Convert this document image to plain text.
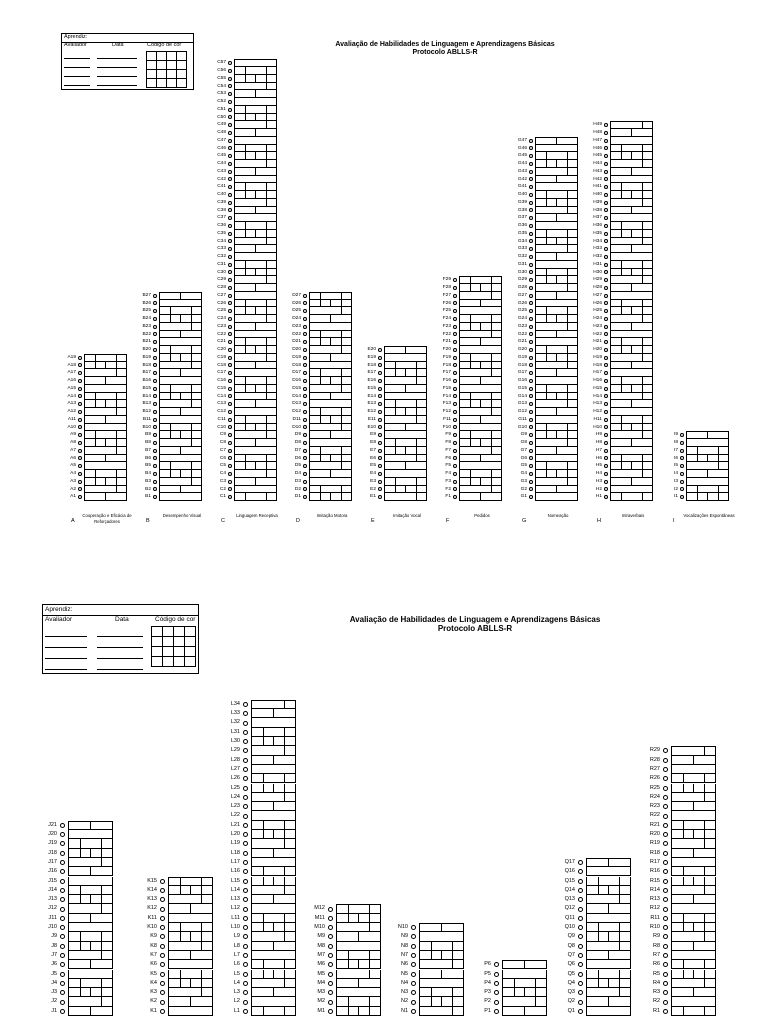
Aprendiz:
Avaliador	Data	Código de cor

				Avaliação de Habilidades de Linguagem e Aprendizagens Básicas
Protocolo ABLLS-R
A1
A2
A3
A4
A5
A6
A7
A8
A9
A10
A11
A12
A13
A14
A15
A16
A17
A18
A19
A
Cooperação e Eficácia de Reforçadores
B1
B2
B3
B4
B5
B6
B7
B8
B9
B10
B11
B12
B13
B14
B15
B16
B17
B18
B19
B20
B21
B22
B23
B24
B25
B26
B27
B
Desempenho Visual
C1
C2
C3
C4
C5
C6
C7
C8
C9
C10
C11
C12
C13
C14
C15
C16
C17
C18
C19
C20
C21
C22
C23
C24
C25
C26
C27
C28
C29
C30
C31
C32
C33
C34
C35
C36
C37
C38
C39
C40
C41
C42
C43
C44
C45
C46
C47
C48
C49
C50
C51
C52
C53
C54
C55
C56
C57
C
Linguagem Receptiva
D1
D2
D3
D4
D5
D6
D7
D8
D9
D10
D11
D12
D13
D14
D15
D16
D17
D18
D19
D20
D21
D22
D23
D24
D25
D26
D27
D
Imitação Motora
E1
E2
E3
E4
E5
E6
E7
E8
E9
E10
E11
E12
E13
E14
E15
E16
E17
E18
E19
E20
E
Imitação Vocal
F1
F2
F3
F4
F5
F6
F7
F8
F9
F10
F11
F12
F13
F14
F15
F16
F17
F18
F19
F20
F21
F22
F23
F24
F25
F26
F27
F28
F29
F
Pedidos
G1
G2
G3
G4
G5
G6
G7
G8
G9
G10
G11
G12
G13
G14
G15
G16
G17
G18
G19
G20
G21
G22
G23
G24
G25
G26
G27
G28
G29
G30
G31
G32
G33
G34
G35
G36
G37
G38
G39
G40
G41
G42
G43
G44
G45
G46
G47
G
Nomeação
H1
H2
H3
H4
H5
H6
H7
H8
H9
H10
H11
H12
H13
H14
H15
H16
H17
H18
H19
H20
H21
H22
H23
H24
H25
H26
H27
H28
H29
H30
H31
H32
H33
H34
H35
H36
H37
H38
H39
H40
H41
H42
H43
H44
H45
H46
H47
H48
H49
H
Intraverbais
I1
I2
I3
I4
I5
I6
I7
I8
I9
I
Vocalizações Espontâneas
Aprendiz:
Avaliador	Data	Código de cor

				Avaliação de Habilidades de Linguagem e Aprendizagens Básicas
Protocolo ABLLS-R
J1
J2
J3
J4
J5
J6
J7
J8
J9
J10
J11
J12
J13
J14
J15
J16
J17
J18
J19
J20
J21
K1
K2
K3
K4
K5
K6
K7
K8
K9
K10
K11
K12
K13
K14
K15
L1
L2
L3
L4
L5
L6
L7
L8
L9
L10
L11
L12
L13
L14
L15
L16
L17
L18
L19
L20
L21
L22
L23
L24
L25
L26
L27
L28
L29
L30
L31
L32
L33
L34
M1
M2
M3
M4
M5
M6
M7
M8
M9
M10
M11
M12
N1
N2
N3
N4
N5
N6
N7
N8
N9
N10
P1
P2
P3
P4
P5
P6
Q1
Q2
Q3
Q4
Q5
Q6
Q7
Q8
Q9
Q10
Q11
Q12
Q13
Q14
Q15
Q16
Q17
R1
R2
R3
R4
R5
R6
R7
R8
R9
R10
R11
R12
R13
R14
R15
R16
R17
R18
R19
R20
R21
R22
R23
R24
R25
R26
R27
R28
R29
